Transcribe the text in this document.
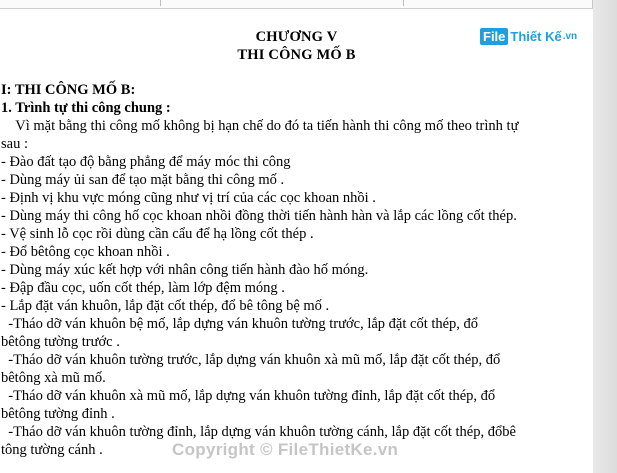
File Thiết Kế .vn
CHƯƠNG V
THI CÔNG MỐ B
I: THI CÔNG MỐ B:
1. Trình tự thi công chung :
Vì mặt bằng thi công mố không bị hạn chế do đó ta tiến hành thi công mố theo trình tự
sau :
- Đào đất tạo độ bằng phẳng để máy móc thi công
- Dùng máy ủi san để tạo mặt bằng thi công mố .
- Định vị khu vực móng cũng như vị trí của các cọc khoan nhồi .
- Dùng máy thi công hố cọc khoan nhồi đồng thời tiến hành hàn và lắp các lồng cốt thép.
- Vệ sinh lỗ cọc rồi dùng cần cẩu để hạ lồng cốt thép .
- Đổ bêtông cọc khoan nhồi .
- Dùng máy xúc kết hợp với nhân công tiến hành đào hố móng.
- Đập đầu cọc, uốn cốt thép, làm lớp đệm móng .
- Lắp đặt ván khuôn, lắp đặt cốt thép, đổ bê tông bệ mố .
-Tháo dỡ ván khuôn bệ mố, lắp dựng ván khuôn tường trước, lắp đặt cốt thép, đổ
bêtông tường trước .
-Tháo dỡ ván khuôn tường trước, lắp dựng ván khuôn xà mũ mố, lắp đặt cốt thép, đổ
bêtông xà mũ mố.
-Tháo dỡ ván khuôn xà mũ mố, lắp dựng ván khuôn tường đỉnh, lắp đặt cốt thép, đổ
bêtông tường đỉnh .
-Tháo dỡ ván khuôn tường đỉnh, lắp dựng ván khuôn tường cánh, lắp đặt cốt thép, đổbê
tông tường cánh .	Copyright © FileThietKe.vn
